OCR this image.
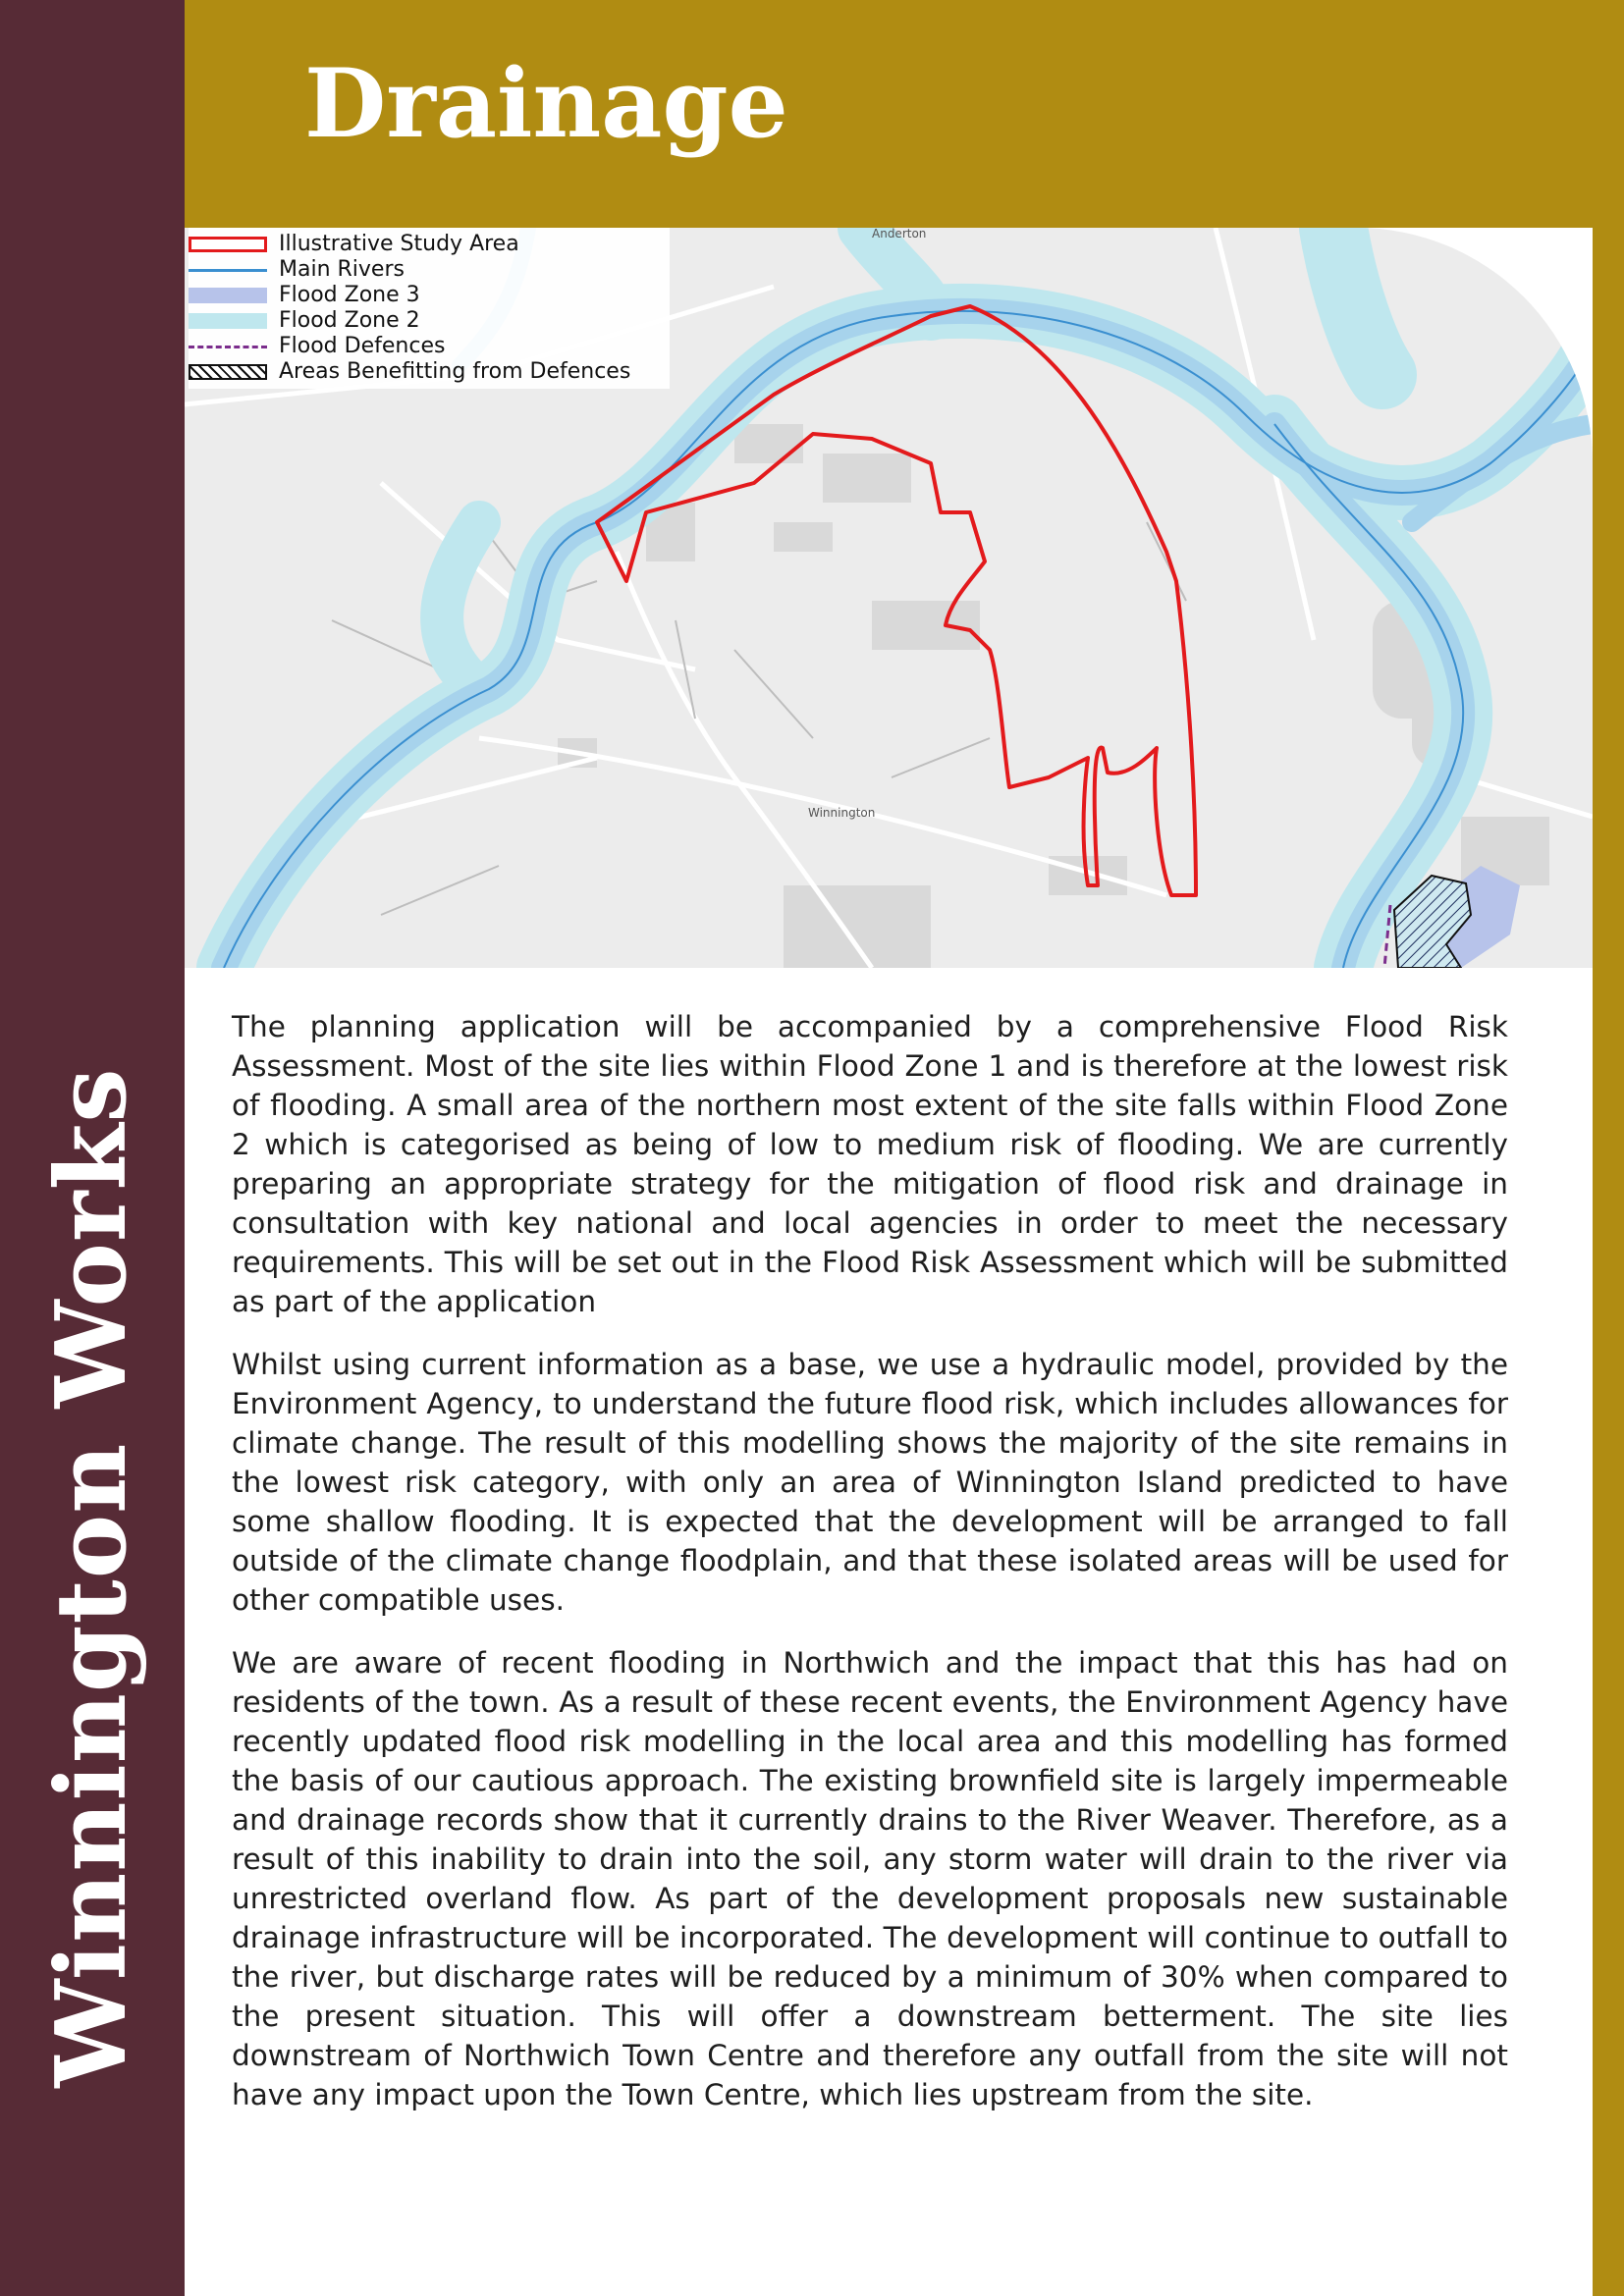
Winnington Works
Drainage
Anderton
Winnington
Illustrative Study Area
Main Rivers
Flood Zone 3
Flood Zone 2
Flood Defences
Areas Benefitting from Defences

The planning application will be accompanied by a comprehensive Flood Risk Assessment. Most of the site lies within Flood Zone 1 and is therefore at the lowest risk of flooding. A small area of the northern most extent of the site falls within Flood Zone 2 which is categorised as being of low to medium risk of flooding. We are currently preparing an appropriate strategy for the mitigation of flood risk and drainage in consultation with key national and local agencies in order to meet the necessary requirements. This will be set out in the Flood Risk Assessment which will be submitted as part of the application

Whilst using current information as a base, we use a hydraulic model, provided by the Environment Agency, to understand the future flood risk, which includes allowances for climate change. The result of this modelling shows the majority of the site remains in the lowest risk category, with only an area of Winnington Island predicted to have some shallow flooding. It is expected that the development will be arranged to fall outside of the climate change floodplain, and that these isolated areas will be used for other compatible uses.

We are aware of recent flooding in Northwich and the impact that this has had on residents of the town. As a result of these recent events, the Environment Agency have recently updated flood risk modelling in the local area and this modelling has formed the basis of our cautious approach. The existing brownfield site is largely impermeable and drainage records show that it currently drains to the River Weaver. Therefore, as a result of this inability to drain into the soil, any storm water will drain to the river via unrestricted overland flow. As part of the development proposals new sustainable drainage infrastructure will be incorporated. The development will continue to outfall to the river, but discharge rates will be reduced by a minimum of 30% when compared to the present situation. This will offer a downstream betterment. The site lies downstream of Northwich Town Centre and therefore any outfall from the site will not have any impact upon the Town Centre, which lies upstream from the site.
